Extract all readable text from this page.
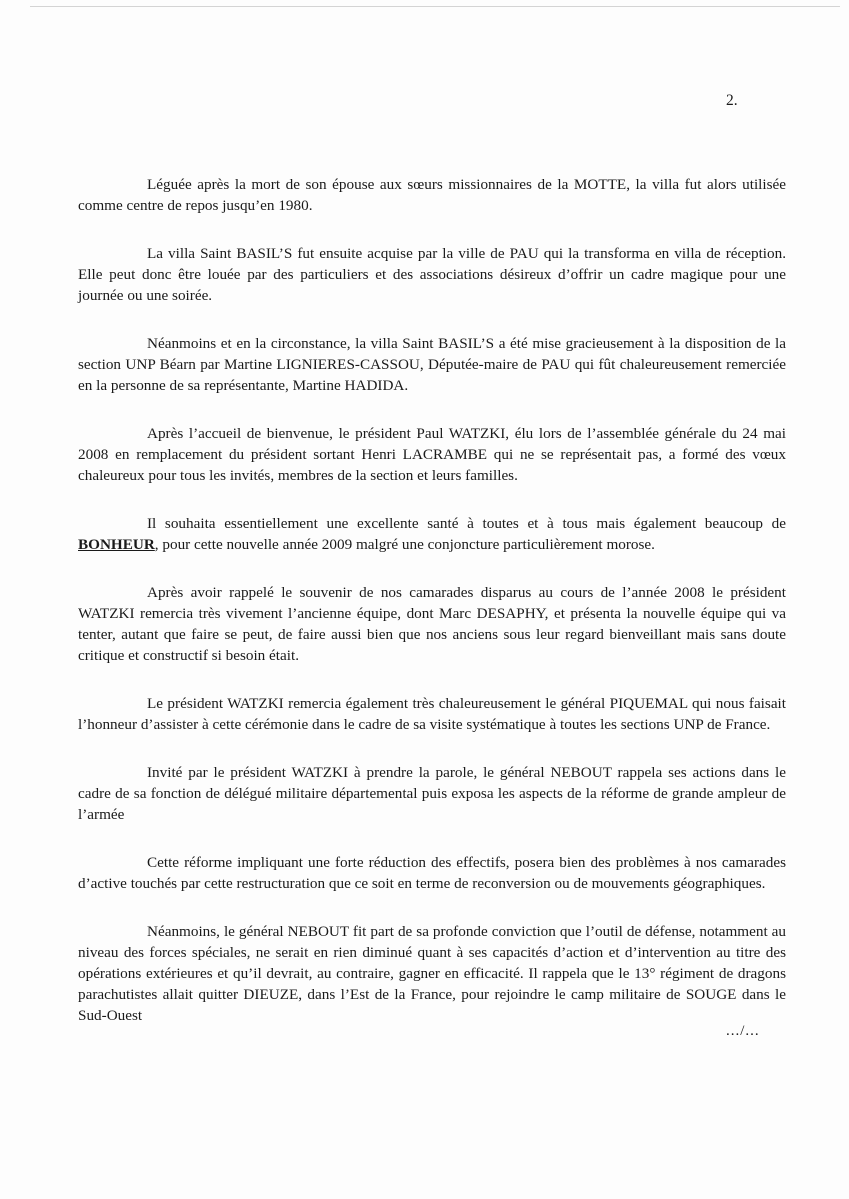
2.

Léguée après la mort de son épouse aux sœurs missionnaires de la MOTTE, la villa fut alors utilisée comme centre de repos jusqu’en 1980.

La villa Saint BASIL’S fut ensuite acquise par la ville de PAU qui la transforma en villa de réception. Elle peut donc être louée par des particuliers et des associations désireux d’offrir un cadre magique pour une journée ou une soirée.

Néanmoins et en la circonstance, la villa Saint BASIL’S a été mise gracieusement à la disposition de la section UNP Béarn par Martine LIGNIERES-CASSOU, Députée-maire de PAU qui fût chaleureusement remerciée en la personne de sa représentante, Martine HADIDA.

Après l’accueil de bienvenue, le président Paul WATZKI, élu lors de l’assemblée générale du 24 mai 2008 en remplacement du président sortant Henri LACRAMBE qui ne se représentait pas, a formé des vœux chaleureux pour tous les invités, membres de la section et leurs familles.

Il souhaita essentiellement une excellente santé à toutes et à tous mais également beaucoup de BONHEUR, pour cette nouvelle année 2009 malgré une conjoncture particulièrement morose.

Après avoir rappelé le souvenir de nos camarades disparus au cours de l’année 2008 le président WATZKI remercia très vivement l’ancienne équipe, dont Marc DESAPHY, et présenta la nouvelle équipe qui va tenter, autant que faire se peut, de faire aussi bien que nos anciens sous leur regard bienveillant mais sans doute critique et constructif si besoin était.

Le président WATZKI remercia également très chaleureusement le général PIQUEMAL qui nous faisait l’honneur d’assister à cette cérémonie dans le cadre de sa visite systématique à toutes les sections UNP de France.

Invité par le président WATZKI à prendre la parole, le général NEBOUT rappela ses actions dans le cadre de sa fonction de délégué militaire départemental puis exposa les aspects de la réforme de grande ampleur de l’armée

Cette réforme impliquant une forte réduction des effectifs, posera bien des problèmes à nos camarades d’active touchés par cette restructuration que ce soit en terme de reconversion ou de mouvements géographiques.

Néanmoins, le général NEBOUT fit part de sa profonde conviction que l’outil de défense, notamment au niveau des forces spéciales, ne serait en rien diminué quant à ses capacités d’action et d’intervention au titre des opérations extérieures et qu’il devrait, au contraire, gagner en efficacité. Il rappela que le 13° régiment de dragons parachutistes allait quitter DIEUZE, dans l’Est de la France, pour rejoindre le camp militaire de SOUGE dans le Sud-Ouest

.../...
